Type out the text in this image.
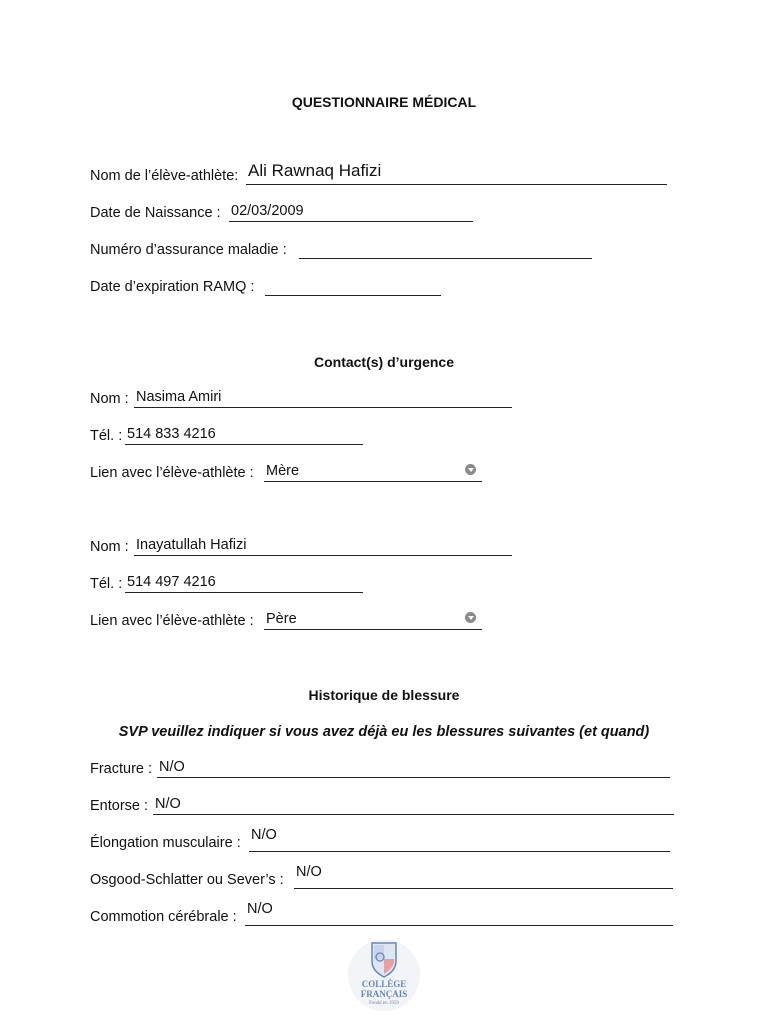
QUESTIONNAIRE MÉDICAL
Nom de l’élève-athlète: Ali Rawnaq Hafizi
Date de Naissance : 02/03/2009
Numéro d’assurance maladie :
Date d’expiration RAMQ :
Contact(s) d’urgence
Nom : Nasima Amiri
Tél. : 514 833 4216
Lien avec l’élève-athlète : Mère
Nom : Inayatullah Hafizi
Tél. : 514 497 4216
Lien avec l’élève-athlète : Père
Historique de blessure
SVP veuillez indiquer si vous avez déjà eu les blessures suivantes (et quand)
Fracture : N/O
Entorse : N/O
Élongation musculaire : N/O
Osgood-Schlatter ou Sever’s : N/O
Commotion cérébrale : N/O
COLLÈGE
FRANÇAIS
Fondé en 1959
